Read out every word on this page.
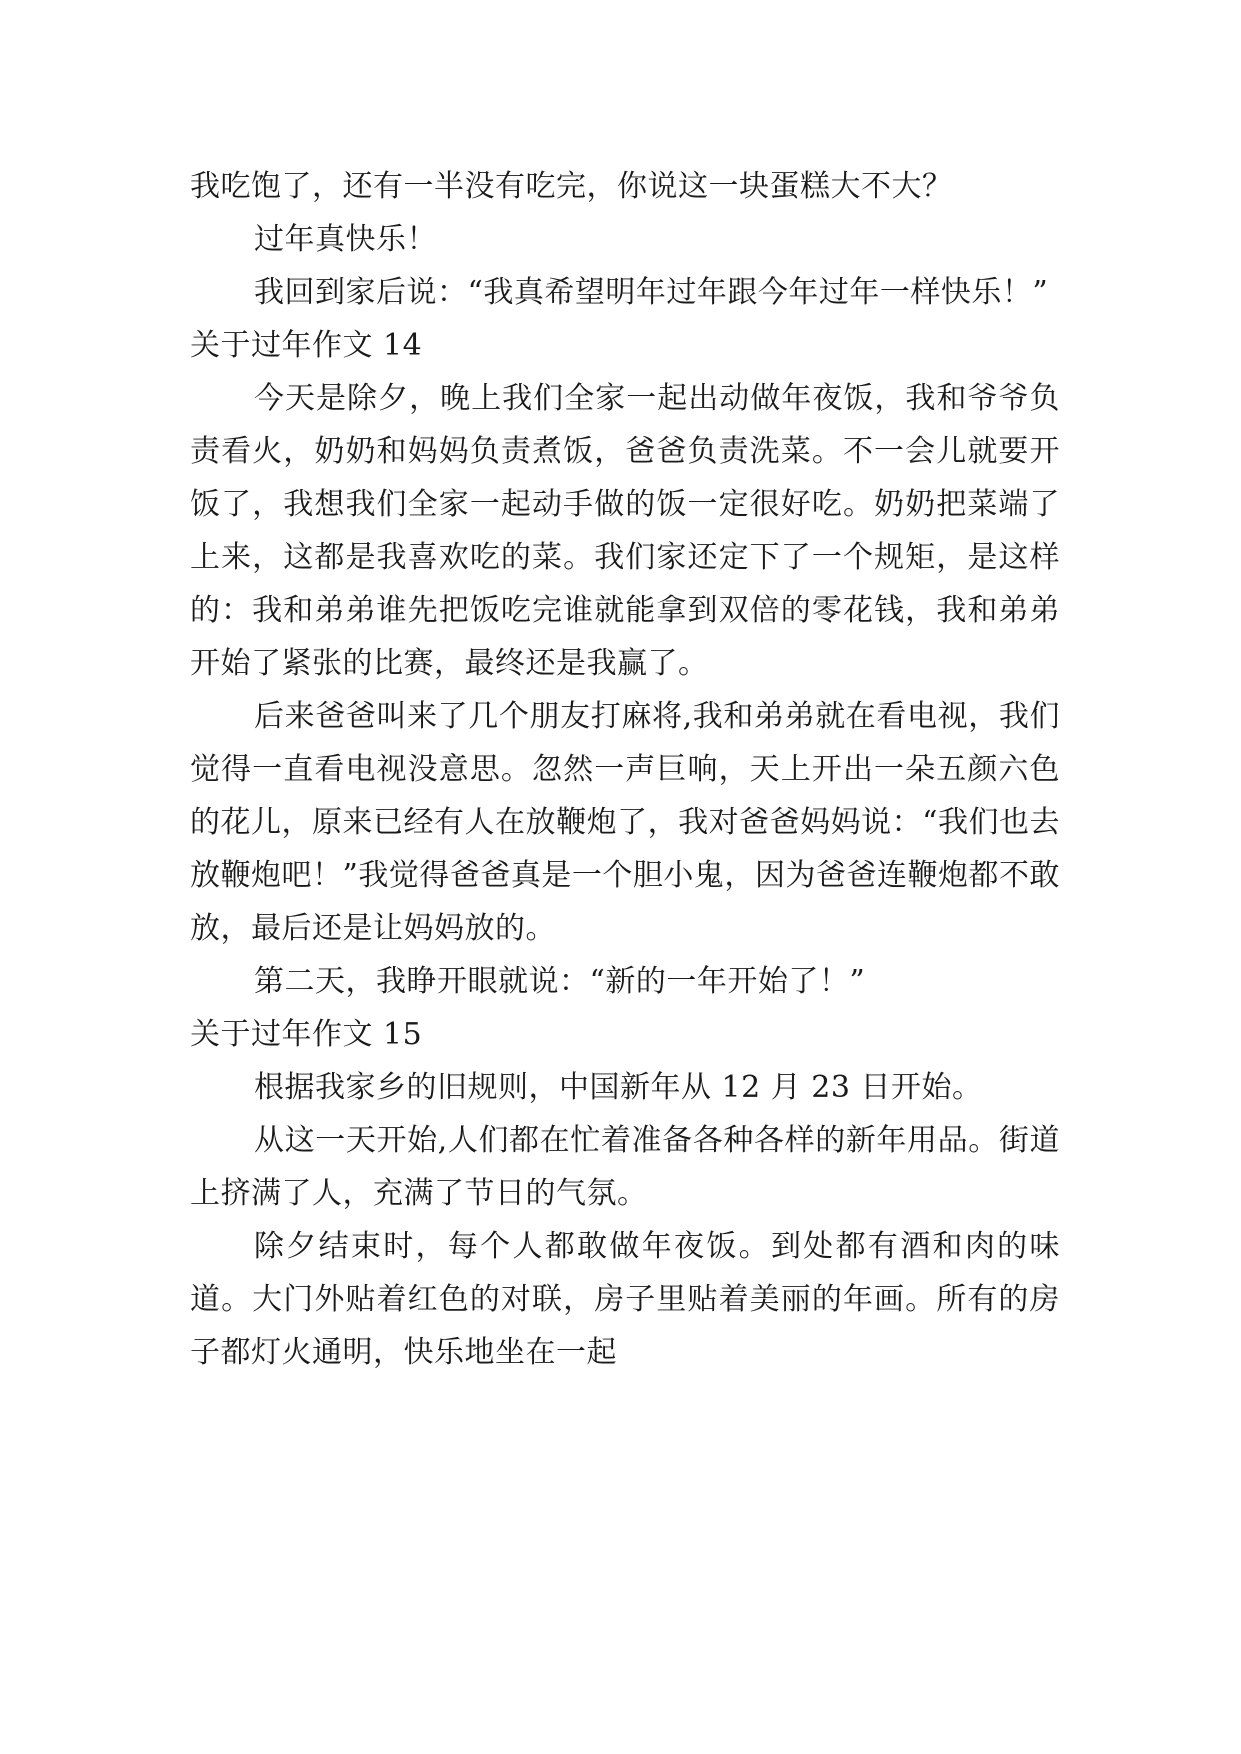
我吃饱了，还有一半没有吃完，你说这一块蛋糕大不大？

过年真快乐！

我回到家后说：“我真希望明年过年跟今年过年一样快乐！”

关于过年作文 14

今天是除夕，晚上我们全家一起出动做年夜饭，我和爷爷负责看火，奶奶和妈妈负责煮饭，爸爸负责洗菜。不一会儿就要开饭了，我想我们全家一起动手做的饭一定很好吃。奶奶把菜端了上来，这都是我喜欢吃的菜。我们家还定下了一个规矩，是这样的：我和弟弟谁先把饭吃完谁就能拿到双倍的零花钱，我和弟弟开始了紧张的比赛，最终还是我赢了。

后来爸爸叫来了几个朋友打麻将,我和弟弟就在看电视，我们觉得一直看电视没意思。忽然一声巨响，天上开出一朵五颜六色的花儿，原来已经有人在放鞭炮了，我对爸爸妈妈说：“我们也去放鞭炮吧！”我觉得爸爸真是一个胆小鬼，因为爸爸连鞭炮都不敢放，最后还是让妈妈放的。

第二天，我睁开眼就说：“新的一年开始了！”

关于过年作文 15

根据我家乡的旧规则，中国新年从 12 月 23 日开始。

从这一天开始,人们都在忙着准备各种各样的新年用品。街道上挤满了人，充满了节日的气氛。

除夕结束时，每个人都敢做年夜饭。到处都有酒和肉的味道。大门外贴着红色的对联，房子里贴着美丽的年画。所有的房子都灯火通明，快乐地坐在一起
